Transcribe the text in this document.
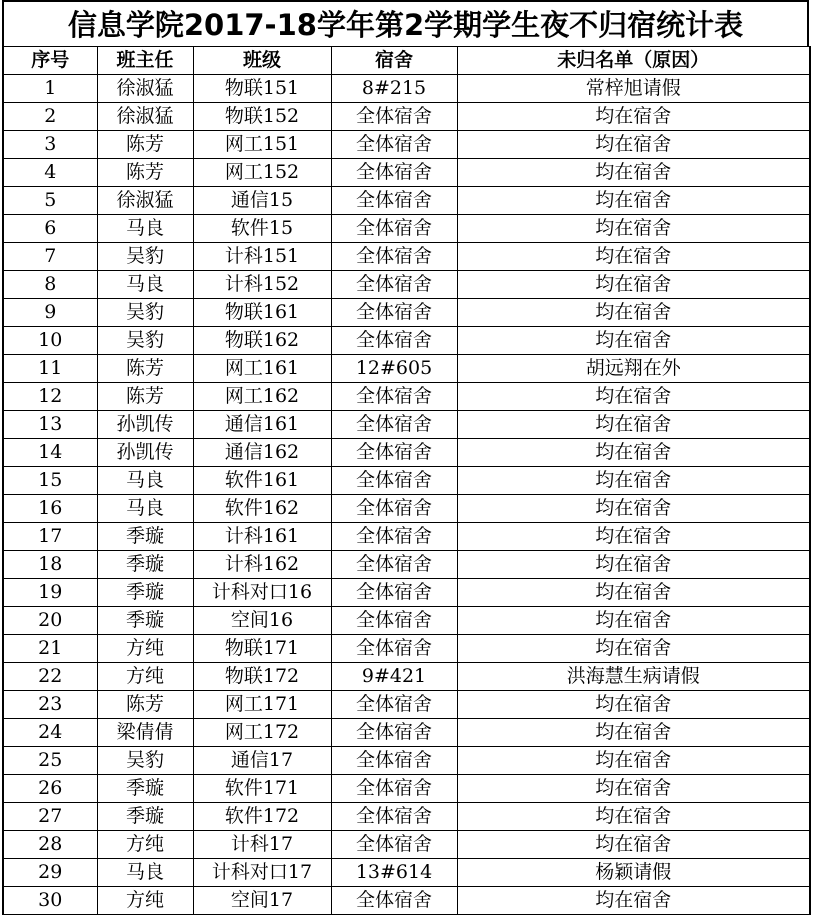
信息学院2017-18学年第2学期学生夜不归宿统计表
序号	班主任	班级	宿舍	未归名单（原因）
1	徐淑猛	物联151	8#215	常梓旭请假
2	徐淑猛	物联152	全体宿舍	均在宿舍
3	陈芳	网工151	全体宿舍	均在宿舍
4	陈芳	网工152	全体宿舍	均在宿舍
5	徐淑猛	通信15	全体宿舍	均在宿舍
6	马良	软件15	全体宿舍	均在宿舍
7	吴豹	计科151	全体宿舍	均在宿舍
8	马良	计科152	全体宿舍	均在宿舍
9	吴豹	物联161	全体宿舍	均在宿舍
10	吴豹	物联162	全体宿舍	均在宿舍
11	陈芳	网工161	12#605	胡远翔在外
12	陈芳	网工162	全体宿舍	均在宿舍
13	孙凯传	通信161	全体宿舍	均在宿舍
14	孙凯传	通信162	全体宿舍	均在宿舍
15	马良	软件161	全体宿舍	均在宿舍
16	马良	软件162	全体宿舍	均在宿舍
17	季璇	计科161	全体宿舍	均在宿舍
18	季璇	计科162	全体宿舍	均在宿舍
19	季璇	计科对口16	全体宿舍	均在宿舍
20	季璇	空间16	全体宿舍	均在宿舍
21	方纯	物联171	全体宿舍	均在宿舍
22	方纯	物联172	9#421	洪海慧生病请假
23	陈芳	网工171	全体宿舍	均在宿舍
24	梁倩倩	网工172	全体宿舍	均在宿舍
25	吴豹	通信17	全体宿舍	均在宿舍
26	季璇	软件171	全体宿舍	均在宿舍
27	季璇	软件172	全体宿舍	均在宿舍
28	方纯	计科17	全体宿舍	均在宿舍
29	马良	计科对口17	13#614	杨颖请假
30	方纯	空间17	全体宿舍	均在宿舍
